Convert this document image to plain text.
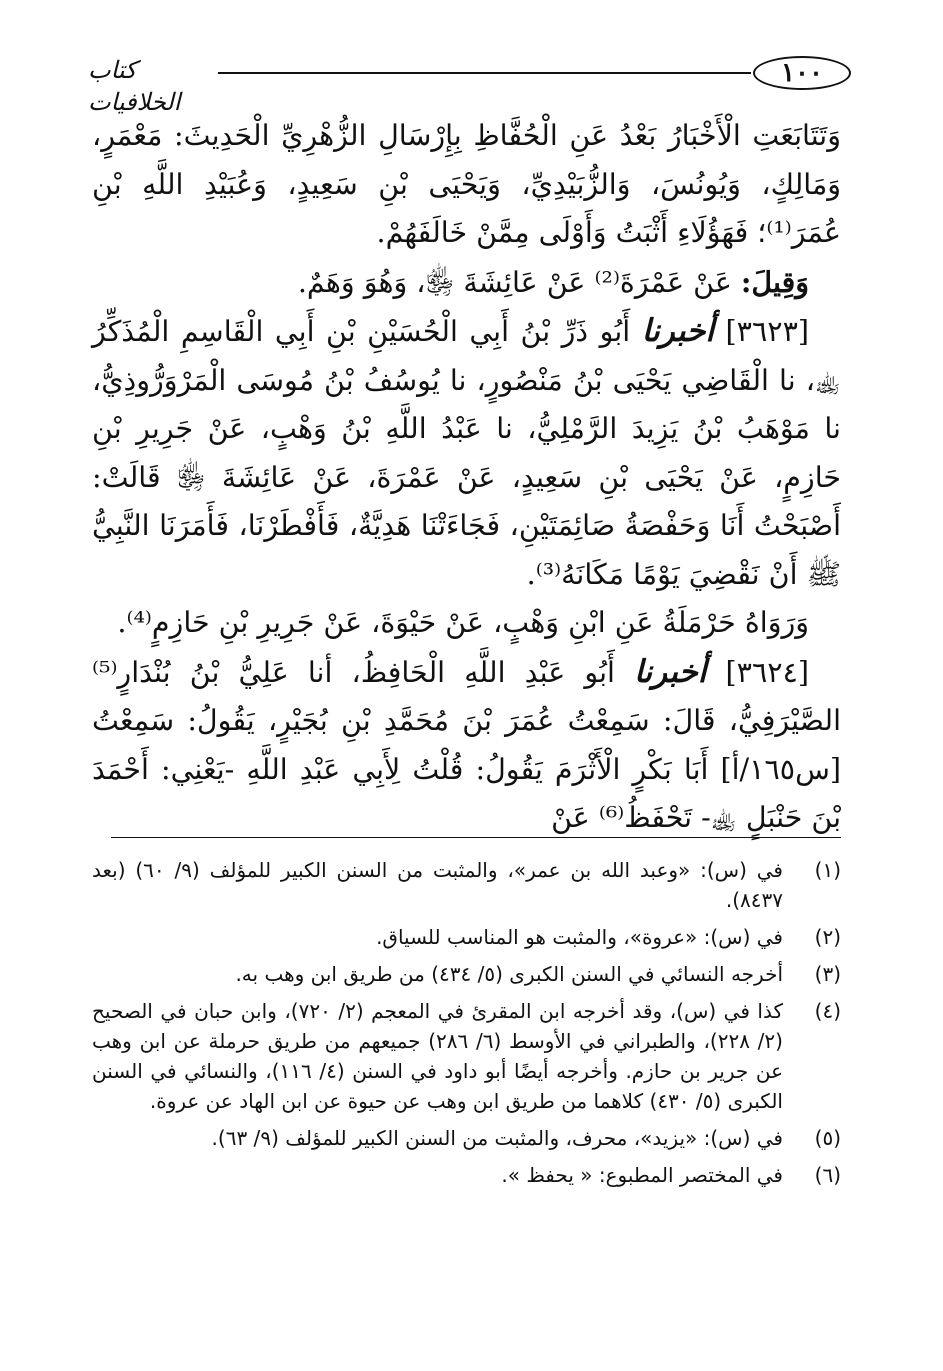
١٠٠
كتاب الخلافيات

وَتَتَابَعَتِ الْأَخْبَارُ بَعْدُ عَنِ الْحُفَّاظِ بِإِرْسَالِ الزُّهْرِيِّ الْحَدِيثَ: مَعْمَرٍ، وَمَالِكٍ، وَيُونُسَ، وَالزُّبَيْدِيِّ، وَيَحْيَى بْنِ سَعِيدٍ، وَعُبَيْدِ اللَّهِ بْنِ عُمَرَ⁽¹⁾؛ فَهَؤُلَاءِ أَثْبَتُ وَأَوْلَى مِمَّنْ خَالَفَهُمْ.

وَقِيلَ: عَنْ عَمْرَةَ⁽²⁾ عَنْ عَائِشَةَ ﵂، وَهُوَ وَهَمٌ.

[٣٦٢٣] أخبرنا أَبُو ذَرِّ بْنُ أَبِي الْحُسَيْنِ بْنِ أَبِي الْقَاسِمِ الْمُذَكِّرُ ﵀، نا الْقَاضِي يَحْيَى بْنُ مَنْصُورٍ، نا يُوسُفُ بْنُ مُوسَى الْمَرْوَرُّوذِيُّ، نا مَوْهَبُ بْنُ يَزِيدَ الرَّمْلِيُّ، نا عَبْدُ اللَّهِ بْنُ وَهْبٍ، عَنْ جَرِيرِ بْنِ حَازِمٍ، عَنْ يَحْيَى بْنِ سَعِيدٍ، عَنْ عَمْرَةَ، عَنْ عَائِشَةَ ﵂ قَالَتْ: أَصْبَحْتُ أَنَا وَحَفْصَةُ صَائِمَتَيْنِ، فَجَاءَتْنَا هَدِيَّةٌ، فَأَفْطَرْنَا، فَأَمَرَنَا النَّبِيُّ ﷺ أَنْ نَقْضِيَ يَوْمًا مَكَانَهُ⁽³⁾.

وَرَوَاهُ حَرْمَلَةُ عَنِ ابْنِ وَهْبٍ، عَنْ حَيْوَةَ، عَنْ جَرِيرِ بْنِ حَازِمٍ⁽⁴⁾.

[٣٦٢٤] أخبرنا أَبُو عَبْدِ اللَّهِ الْحَافِظُ، أنا عَلِيُّ بْنُ بُنْدَارٍ⁽⁵⁾ الصَّيْرَفِيُّ، قَالَ: سَمِعْتُ عُمَرَ بْنَ مُحَمَّدِ بْنِ بُجَيْرٍ، يَقُولُ: سَمِعْتُ [س١٦٥/أ] أَبَا بَكْرٍ الْأَثْرَمَ يَقُولُ: قُلْتُ لِأَبِي عَبْدِ اللَّهِ -يَعْنِي: أَحْمَدَ بْنَ حَنْبَلٍ ﵀- تَحْفَظُ⁽⁶⁾ عَنْ

(١)
في (س): «وعبد الله بن عمر»، والمثبت من السنن الكبير للمؤلف (٩/ ٦٠) (بعد ٨٤٣٧).
(٢)
في (س): «عروة»، والمثبت هو المناسب للسياق.
(٣)
أخرجه النسائي في السنن الكبرى (٥/ ٤٣٤) من طريق ابن وهب به.
(٤)
كذا في (س)، وقد أخرجه ابن المقرئ في المعجم (٢/ ٧٢٠)، وابن حبان في الصحيح (٢/ ٢٢٨)، والطبراني في الأوسط (٦/ ٢٨٦) جميعهم من طريق حرملة عن ابن وهب عن جرير بن حازم. وأخرجه أيضًا أبو داود في السنن (٤/ ١١٦)، والنسائي في السنن الكبرى (٥/ ٤٣٠) كلاهما من طريق ابن وهب عن حيوة عن ابن الهاد عن عروة.
(٥)
في (س): «يزيد»، محرف، والمثبت من السنن الكبير للمؤلف (٩/ ٦٣).
(٦)
في المختصر المطبوع: « يحفظ ».
